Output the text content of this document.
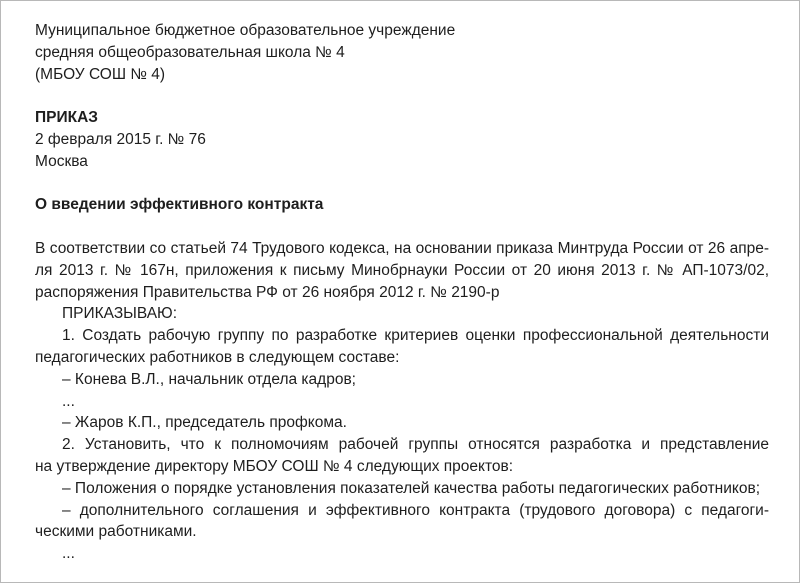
Муниципальное бюджетное образовательное учреждение
средняя общеобразовательная школа № 4
(МБОУ СОШ № 4)
ПРИКАЗ
2 февраля 2015 г. № 76
Москва
О введении эффективного контракта
В соответствии со статьей 74 Трудового кодекса, на основании приказа Минтруда России от 26 апре-
ля 2013 г. № 167н, приложения к письму Минобрнауки России от 20 июня 2013 г. № АП-1073/02,
распоряжения Правительства РФ от 26 ноября 2012 г. № 2190-р
ПРИКАЗЫВАЮ:
1. Создать рабочую группу по разработке критериев оценки профессиональной деятельности
педагогических работников в следующем составе:
– Конева В.Л., начальник отдела кадров;
...
– Жаров К.П., председатель профкома.
2. Установить, что к полномочиям рабочей группы относятся разработка и представление
на утверждение директору МБОУ СОШ № 4 следующих проектов:
– Положения о порядке установления показателей качества работы педагогических работников;
– дополнительного соглашения и эффективного контракта (трудового договора) с педагоги-
ческими работниками.
...
